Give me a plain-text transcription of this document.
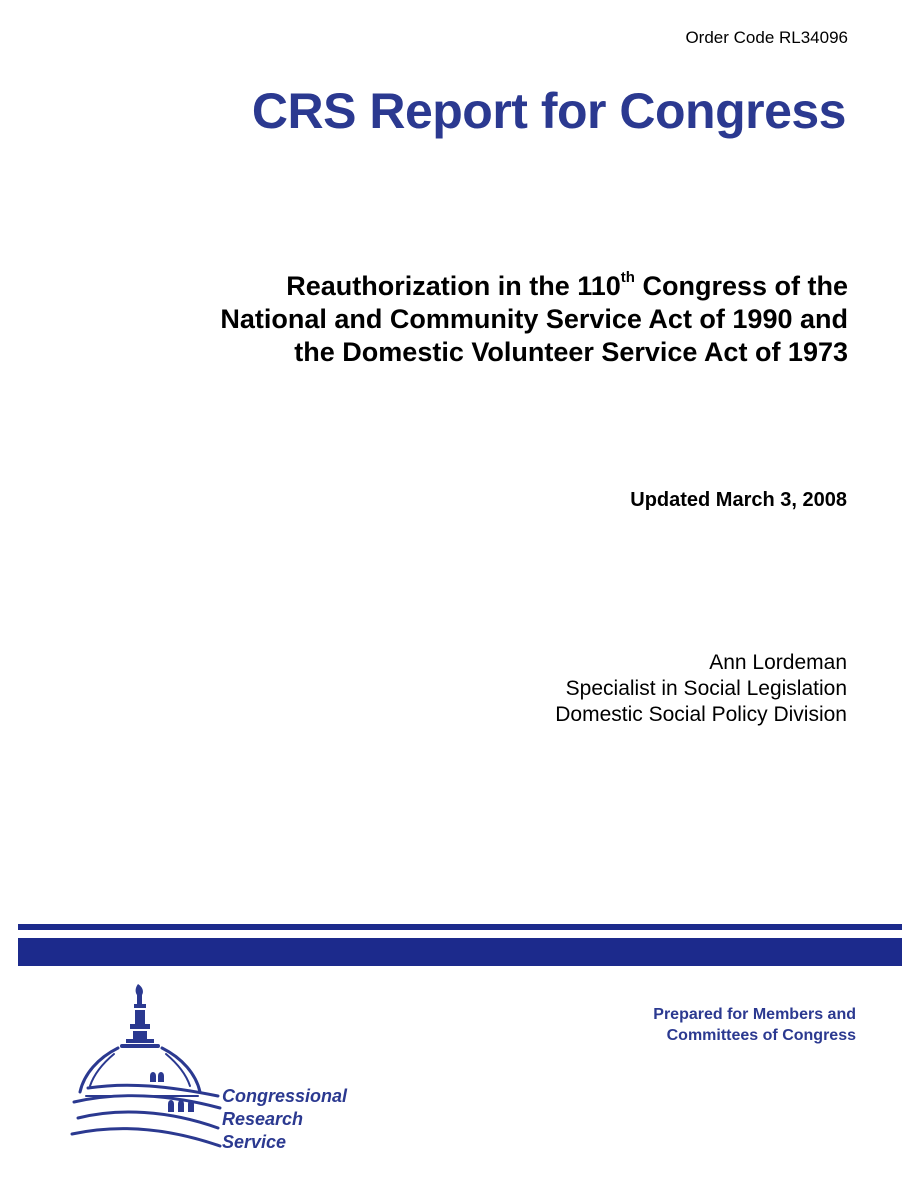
Order Code RL34096
CRS Report for Congress
Reauthorization in the 110th Congress of the
National and Community Service Act of 1990 and
the Domestic Volunteer Service Act of 1973
Updated March 3, 2008
Ann Lordeman
Specialist in Social Legislation
Domestic Social Policy Division
Congressional
Research
Service
Prepared for Members and
Committees of Congress
